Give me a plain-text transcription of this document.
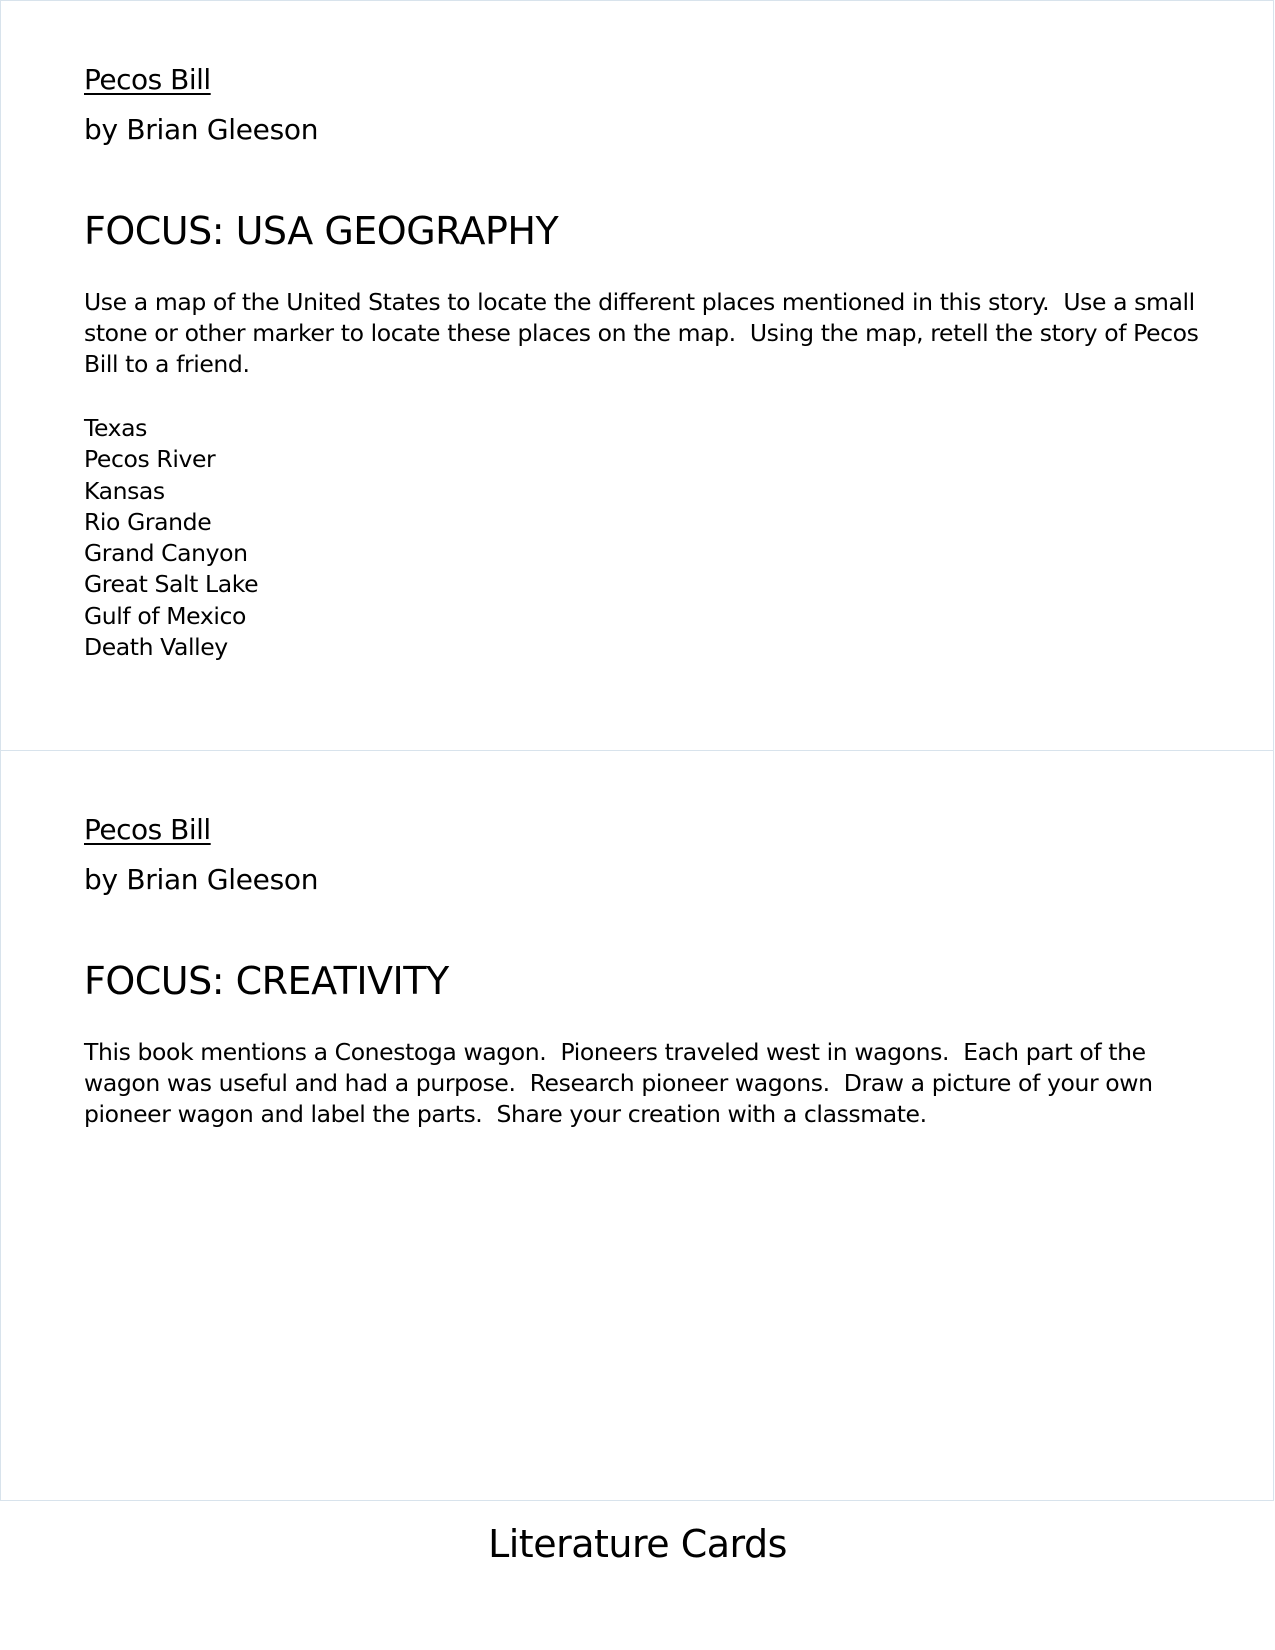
Pecos Bill
by Brian Gleeson
FOCUS: USA GEOGRAPHY
Use a map of the United States to locate the different places mentioned in this story.  Use a small stone or other marker to locate these places on the map.  Using the map, retell the story of Pecos Bill to a friend.
Texas
Pecos River
Kansas
Rio Grande
Grand Canyon
Great Salt Lake
Gulf of Mexico
Death Valley
Pecos Bill
by Brian Gleeson
FOCUS: CREATIVITY
This book mentions a Conestoga wagon.  Pioneers traveled west in wagons.  Each part of the wagon was useful and had a purpose.  Research pioneer wagons.  Draw a picture of your own pioneer wagon and label the parts.  Share your creation with a classmate.
Literature Cards
